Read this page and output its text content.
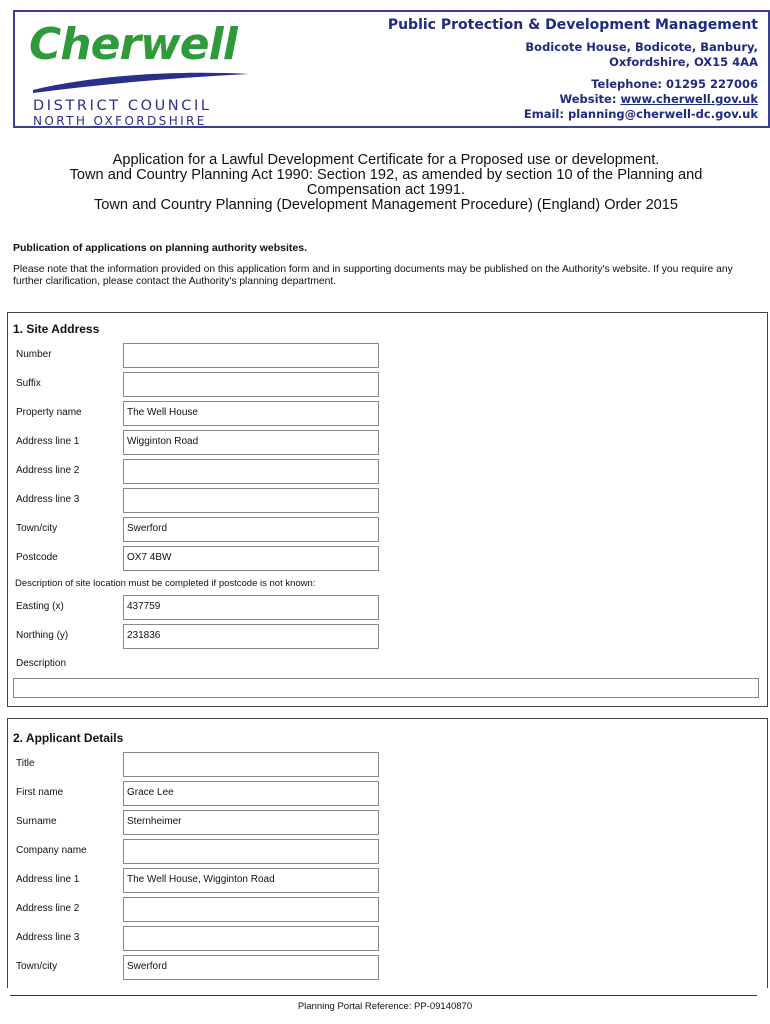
Cherwell
DISTRICT COUNCIL
NORTH OXFORDSHIRE
Public Protection & Development Management
Bodicote House, Bodicote, Banbury,
Oxfordshire, OX15 4AA
Telephone: 01295 227006
Website: www.cherwell.gov.uk
Email: planning@cherwell-dc.gov.uk
Application for a Lawful Development Certificate for a Proposed use or development.
Town and Country Planning Act 1990: Section 192, as amended by section 10 of the Planning and
Compensation act 1991.
Town and Country Planning (Development Management Procedure) (England) Order 2015
Publication of applications on planning authority websites.
Please note that the information provided on this application form and in supporting documents may be published on the Authority's website. If you require any further clarification, please contact the Authority's planning department.
1. Site Address
Number
Suffix
Property name	The Well House
Address line 1	Wigginton Road
Address line 2
Address line 3
Town/city	Swerford
Postcode	OX7 4BW
Description of site location must be completed if postcode is not known:
Easting (x)	437759
Northing (y)	231836
Description
2. Applicant Details
Title
First name	Grace Lee
Surname	Sternheimer
Company name
Address line 1	The Well House, Wigginton Road
Address line 2
Address line 3
Town/city	Swerford
Planning Portal Reference: PP-09140870
